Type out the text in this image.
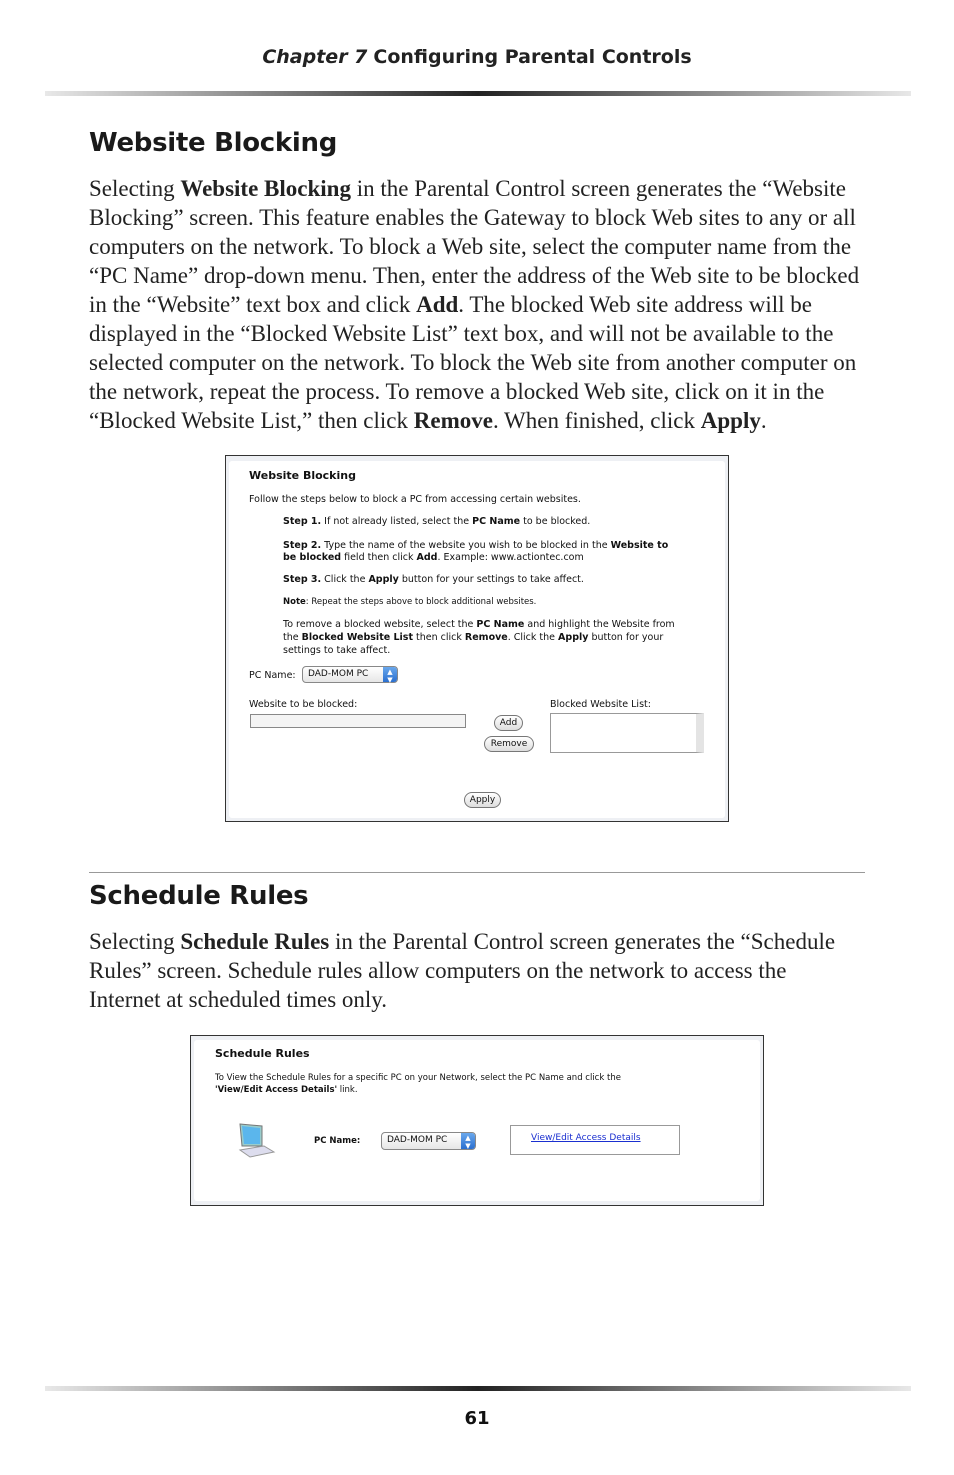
Chapter 7 Configuring Parental Controls
Website Blocking

Selecting Website Blocking in the Parental Control screen generates the “Website Blocking” screen. This feature enables the Gateway to block Web sites to any or all computers on the network. To block a Web site, select the computer name from the “PC Name” drop-down menu. Then, enter the address of the Web site to be blocked in the “Website” text box and click Add. The blocked Web site address will be displayed in the “Blocked Website List” text box, and will not be available to the selected computer on the network. To block the Web site from another computer on the network, repeat the process. To remove a blocked Web site, click on it in the “Blocked Website List,” then click Remove. When finished, click Apply.

Website Blocking
Follow the steps below to block a PC from accessing certain websites.
Step 1. If not already listed, select the PC Name to be blocked.
Step 2. Type the name of the website you wish to be blocked in the Website to
be blocked field then click Add. Example: www.actiontec.com
Step 3. Click the Apply button for your settings to take affect.
Note: Repeat the steps above to block additional websites.
To remove a blocked website, select the PC Name and highlight the Website from
the Blocked Website List then click Remove. Click the Apply button for your
settings to take affect.
PC Name:	DAD-MOM PC	▲
▼
Website to be blocked:
Add
Remove
Blocked Website List:
Apply
Schedule Rules

Selecting Schedule Rules in the Parental Control screen generates the “Schedule Rules” screen. Schedule rules allow computers on the network to access the Internet at scheduled times only.

Schedule Rules
To View the Schedule Rules for a specific PC on your Network, select the PC Name and click the
'View/Edit Access Details' link.
PC Name:	DAD-MOM PC	▲
▼
View/Edit Access Details
61
